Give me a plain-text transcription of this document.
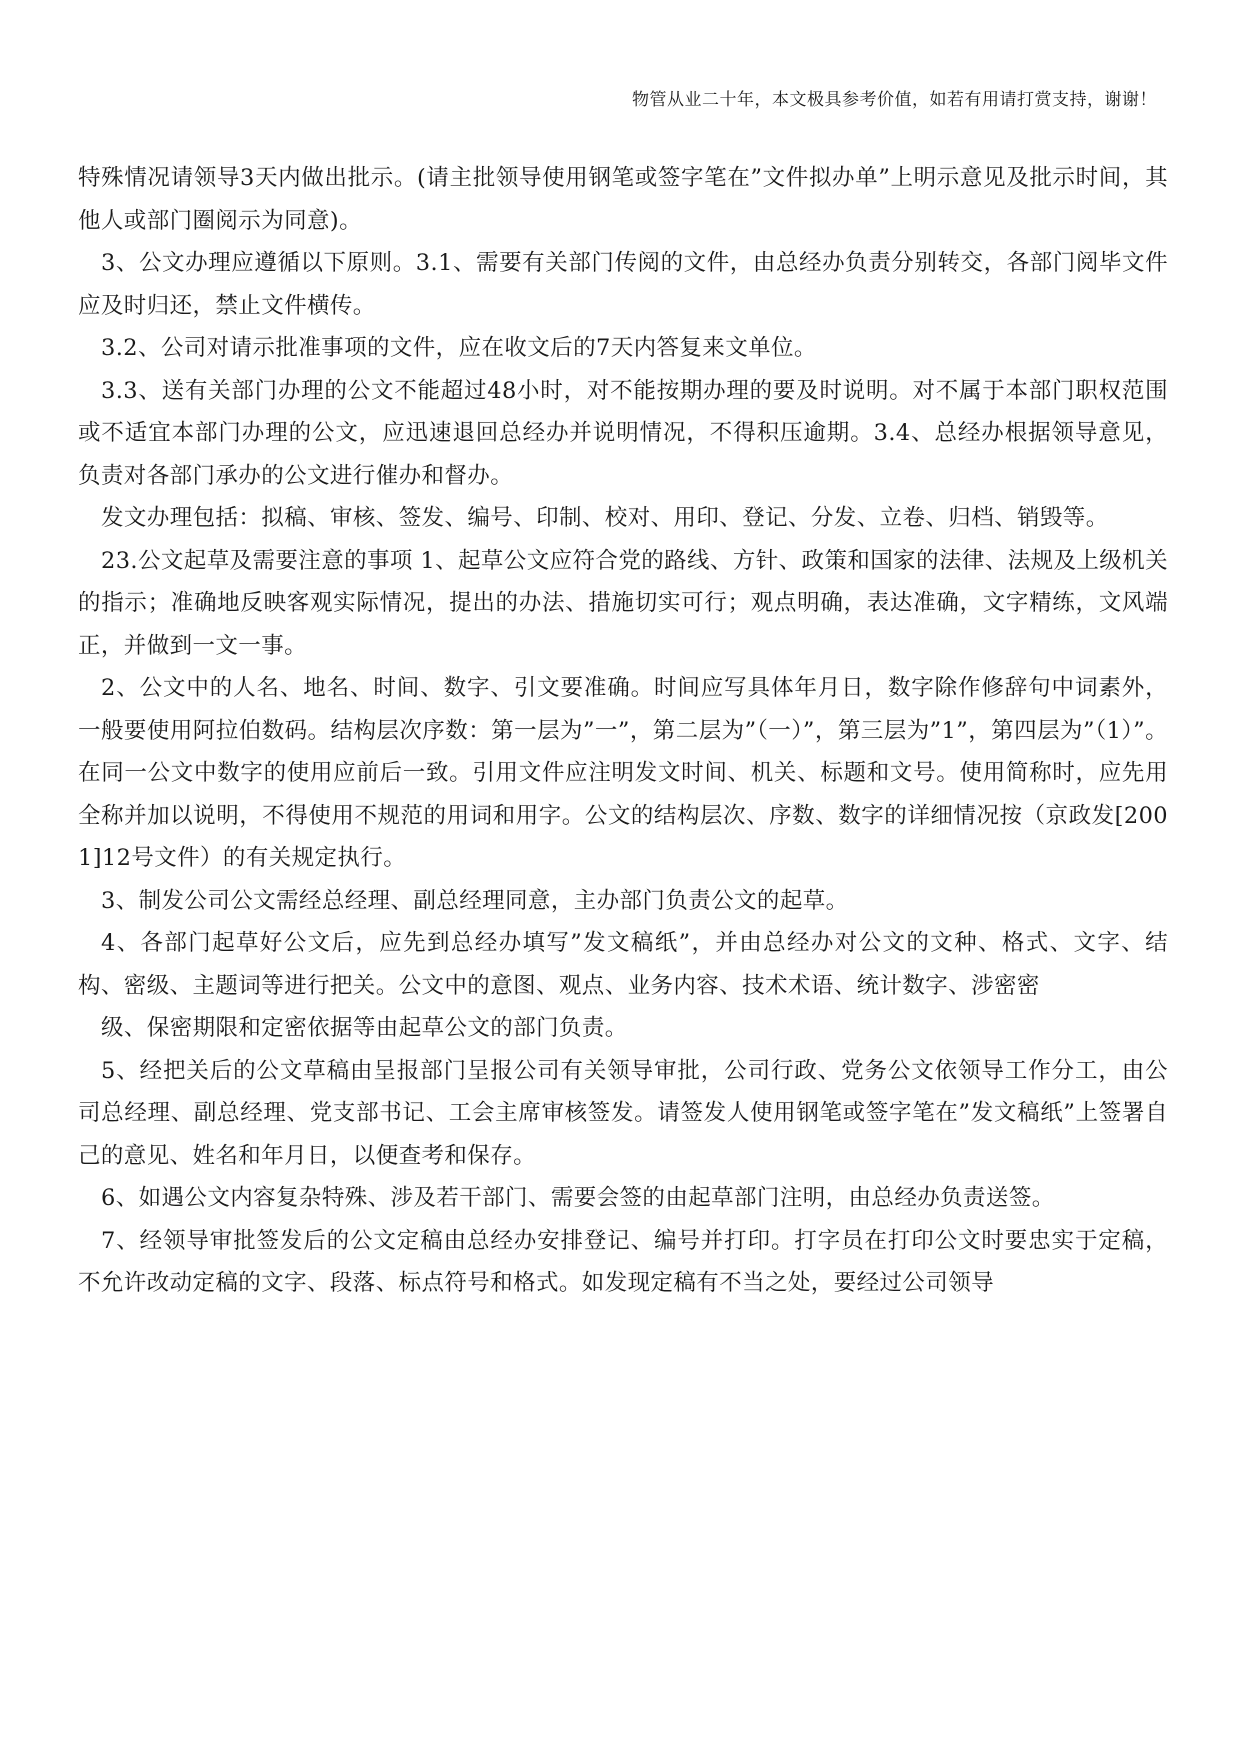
物管从业二十年，本文极具参考价值，如若有用请打赏支持，谢谢！

特殊情况请领导3天内做出批示。(请主批领导使用钢笔或签字笔在”文件拟办单”上明示意见及批示时间，其他人或部门圈阅示为同意)。

3、公文办理应遵循以下原则。3.1、需要有关部门传阅的文件，由总经办负责分别转交，各部门阅毕文件应及时归还，禁止文件横传。

3.2、公司对请示批准事项的文件，应在收文后的7天内答复来文单位。

3.3、送有关部门办理的公文不能超过48小时，对不能按期办理的要及时说明。对不属于本部门职权范围或不适宜本部门办理的公文，应迅速退回总经办并说明情况，不得积压逾期。3.4、总经办根据领导意见，负责对各部门承办的公文进行催办和督办。

发文办理包括：拟稿、审核、签发、编号、印制、校对、用印、登记、分发、立卷、归档、销毁等。

23.公文起草及需要注意的事项 1、起草公文应符合党的路线、方针、政策和国家的法律、法规及上级机关的指示；准确地反映客观实际情况，提出的办法、措施切实可行；观点明确，表达准确，文字精练，文风端正，并做到一文一事。

2、公文中的人名、地名、时间、数字、引文要准确。时间应写具体年月日，数字除作修辞句中词素外，一般要使用阿拉伯数码。结构层次序数：第一层为”一”，第二层为”（一）”，第三层为”1”，第四层为”（1）”。在同一公文中数字的使用应前后一致。引用文件应注明发文时间、机关、标题和文号。使用简称时，应先用全称并加以说明，不得使用不规范的用词和用字。公文的结构层次、序数、数字的详细情况按（京政发[2001]12号文件）的有关规定执行。

3、制发公司公文需经总经理、副总经理同意，主办部门负责公文的起草。

4、各部门起草好公文后，应先到总经办填写”发文稿纸”，并由总经办对公文的文种、格式、文字、结构、密级、主题词等进行把关。公文中的意图、观点、业务内容、技术术语、统计数字、涉密密

级、保密期限和定密依据等由起草公文的部门负责。

5、经把关后的公文草稿由呈报部门呈报公司有关领导审批，公司行政、党务公文依领导工作分工，由公司总经理、副总经理、党支部书记、工会主席审核签发。请签发人使用钢笔或签字笔在”发文稿纸”上签署自己的意见、姓名和年月日，以便查考和保存。

6、如遇公文内容复杂特殊、涉及若干部门、需要会签的由起草部门注明，由总经办负责送签。

7、经领导审批签发后的公文定稿由总经办安排登记、编号并打印。打字员在打印公文时要忠实于定稿，不允许改动定稿的文字、段落、标点符号和格式。如发现定稿有不当之处，要经过公司领导
